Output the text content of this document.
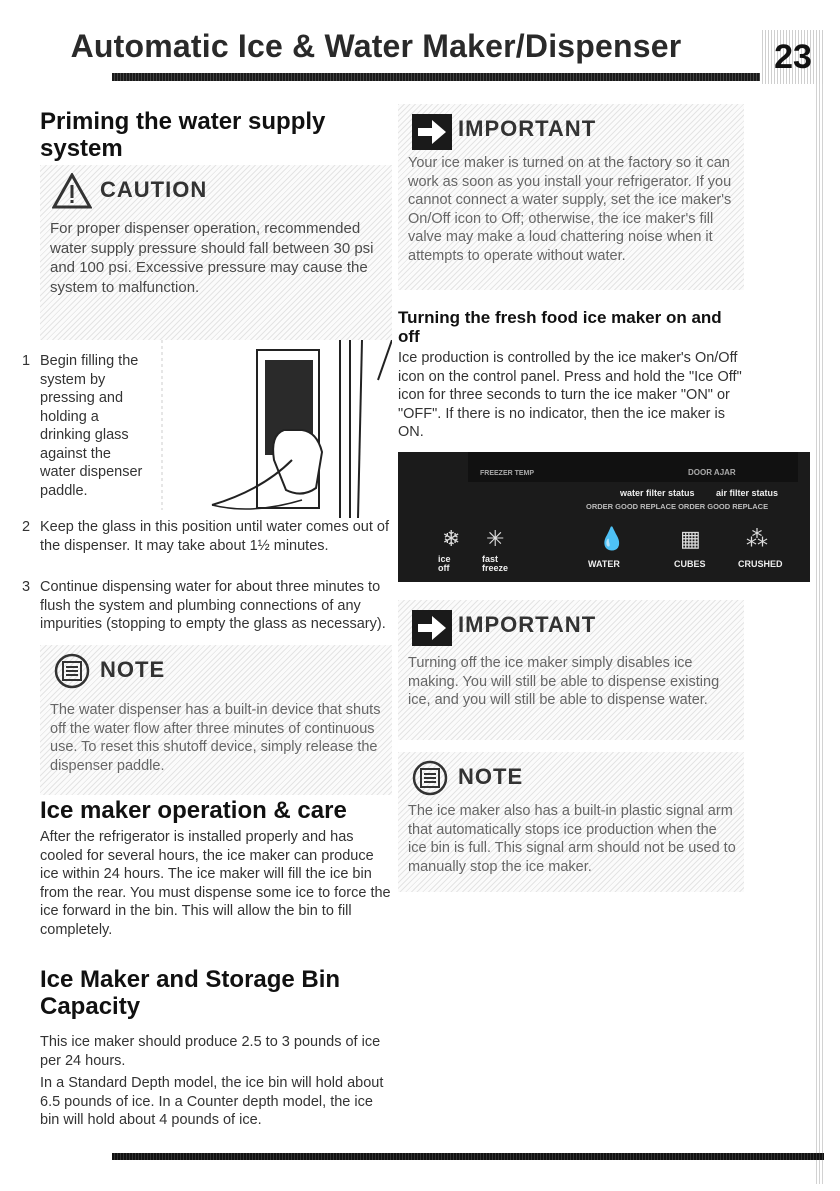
Automatic Ice & Water Maker/Dispenser	23
Priming the water supply system
CAUTION
For proper dispenser operation, recommended water supply pressure should fall between 30 psi and 100 psi. Excessive pressure may cause the system to malfunction.
1 Begin filling the system by pressing and holding a drinking glass against the water dispenser paddle.
2 Keep the glass in this position until water comes out of the dispenser. It may take about 1½ minutes.
3 Continue dispensing water for about three minutes to flush the system and plumbing connections of any impurities (stopping to empty the glass as necessary).
NOTE
The water dispenser has a built-in device that shuts off the water flow after three minutes of continuous use. To reset this shutoff device, simply release the dispenser paddle.
Ice maker operation & care
After the refrigerator is installed properly and has cooled for several hours, the ice maker can produce ice within 24 hours. The ice maker will fill the ice bin from the rear. You must dispense some ice to force the ice forward in the bin. This will allow the bin to fill completely.
Ice Maker and Storage Bin Capacity
This ice maker should produce 2.5 to 3 pounds of ice per 24 hours.
In a Standard Depth model, the ice bin will hold about 6.5 pounds of ice. In a Counter depth model, the ice bin will hold about 4 pounds of ice.
IMPORTANT
Your ice maker is turned on at the factory so it can work as soon as you install your refrigerator. If you cannot connect a water supply, set the ice maker's On/Off icon to Off; otherwise, the ice maker's fill valve may make a loud chattering noise when it attempts to operate without water.
Turning the fresh food ice maker on and off
Ice production is controlled by the ice maker's On/Off icon on the control panel. Press and hold the "Ice Off" icon for three seconds to turn the ice maker "ON" or "OFF". If there is no indicator, then the ice maker is ON.
FREEZER TEMP	DOOR AJAR
water filter status air filter status
ORDER GOOD REPLACE ORDER GOOD REPLACE
❄ ✳	💧 ▦ ⁂
ice off
fast freeze	WATER	CUBES	CRUSHED
IMPORTANT
Turning off the ice maker simply disables ice making. You will still be able to dispense existing ice, and you will still be able to dispense water.
NOTE
The ice maker also has a built-in plastic signal arm that automatically stops ice production when the ice bin is full. This signal arm should not be used to manually stop the ice maker.
